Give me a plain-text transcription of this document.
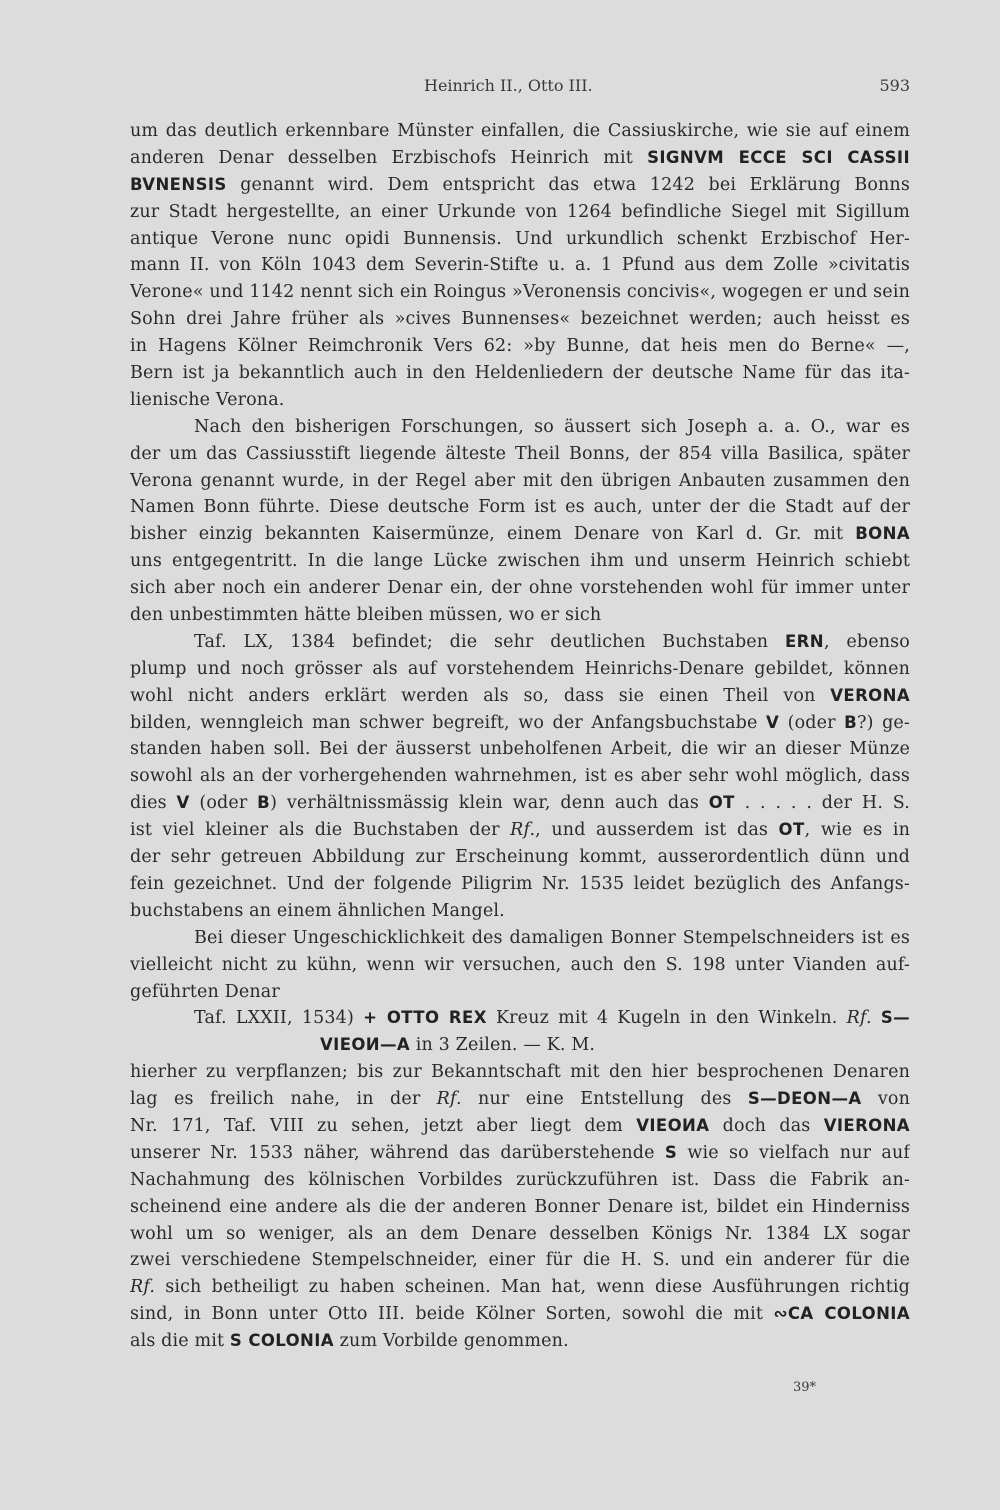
Heinrich II., Otto III.	593
um das deutlich erkennbare Münster einfallen, die Cassiuskirche, wie sie auf einem
anderen Denar desselben Erzbischofs Heinrich mit SIGNVM ECCE SCI CASSII
BVNENSIS genannt wird. Dem entspricht das etwa 1242 bei Erklärung Bonns
zur Stadt hergestellte, an einer Urkunde von 1264 befindliche Siegel mit Sigillum
antique Verone nunc opidi Bunnensis. Und urkundlich schenkt Erzbischof Her-
mann II. von Köln 1043 dem Severin-Stifte u. a. 1 Pfund aus dem Zolle »civitatis
Verone« und 1142 nennt sich ein Roingus »Veronensis concivis«, wogegen er und sein
Sohn drei Jahre früher als »cives Bunnenses« bezeichnet werden; auch heisst es
in Hagens Kölner Reimchronik Vers 62: »by Bunne, dat heis men do Berne« —,
Bern ist ja bekanntlich auch in den Heldenliedern der deutsche Name für das ita-
lienische Verona.
Nach den bisherigen Forschungen, so äussert sich Joseph a. a. O., war es
der um das Cassiusstift liegende älteste Theil Bonns, der 854 villa Basilica, später
Verona genannt wurde, in der Regel aber mit den übrigen Anbauten zusammen den
Namen Bonn führte. Diese deutsche Form ist es auch, unter der die Stadt auf der
bisher einzig bekannten Kaisermünze, einem Denare von Karl d. Gr. mit BONA
uns entgegentritt. In die lange Lücke zwischen ihm und unserm Heinrich schiebt
sich aber noch ein anderer Denar ein, der ohne vorstehenden wohl für immer unter
den unbestimmten hätte bleiben müssen, wo er sich
Taf. LX, 1384 befindet; die sehr deutlichen Buchstaben ERN, ebenso
plump und noch grösser als auf vorstehendem Heinrichs-Denare gebildet, können
wohl nicht anders erklärt werden als so, dass sie einen Theil von VERONA
bilden, wenngleich man schwer begreift, wo der Anfangsbuchstabe V (oder B?) ge-
standen haben soll. Bei der äusserst unbeholfenen Arbeit, die wir an dieser Münze
sowohl als an der vorhergehenden wahrnehmen, ist es aber sehr wohl möglich, dass
dies V (oder B) verhältnissmässig klein war, denn auch das OT . . . . . der H. S.
ist viel kleiner als die Buchstaben der Rf., und ausserdem ist das OT, wie es in
der sehr getreuen Abbildung zur Erscheinung kommt, ausserordentlich dünn und
fein gezeichnet. Und der folgende Piligrim Nr. 1535 leidet bezüglich des Anfangs-
buchstabens an einem ähnlichen Mangel.
Bei dieser Ungeschicklichkeit des damaligen Bonner Stempelschneiders ist es
vielleicht nicht zu kühn, wenn wir versuchen, auch den S. 198 unter Vianden auf-
geführten Denar
Taf. LXXII, 1534) + OTTO REX Kreuz mit 4 Kugeln in den Winkeln. Rf. S—
VIEOИ—A in 3 Zeilen. — K. M.
hierher zu verpflanzen; bis zur Bekanntschaft mit den hier besprochenen Denaren
lag es freilich nahe, in der Rf. nur eine Entstellung des S—DEON—A von
Nr. 171, Taf. VIII zu sehen, jetzt aber liegt dem VIEOИA doch das VIERONA
unserer Nr. 1533 näher, während das darüberstehende S wie so vielfach nur auf
Nachahmung des kölnischen Vorbildes zurückzuführen ist. Dass die Fabrik an-
scheinend eine andere als die der anderen Bonner Denare ist, bildet ein Hinderniss
wohl um so weniger, als an dem Denare desselben Königs Nr. 1384 LX sogar
zwei verschiedene Stempelschneider, einer für die H. S. und ein anderer für die
Rf. sich betheiligt zu haben scheinen. Man hat, wenn diese Ausführungen richtig
sind, in Bonn unter Otto III. beide Kölner Sorten, sowohl die mit ∾CA COLONIA
als die mit S COLONIA zum Vorbilde genommen.
39*
